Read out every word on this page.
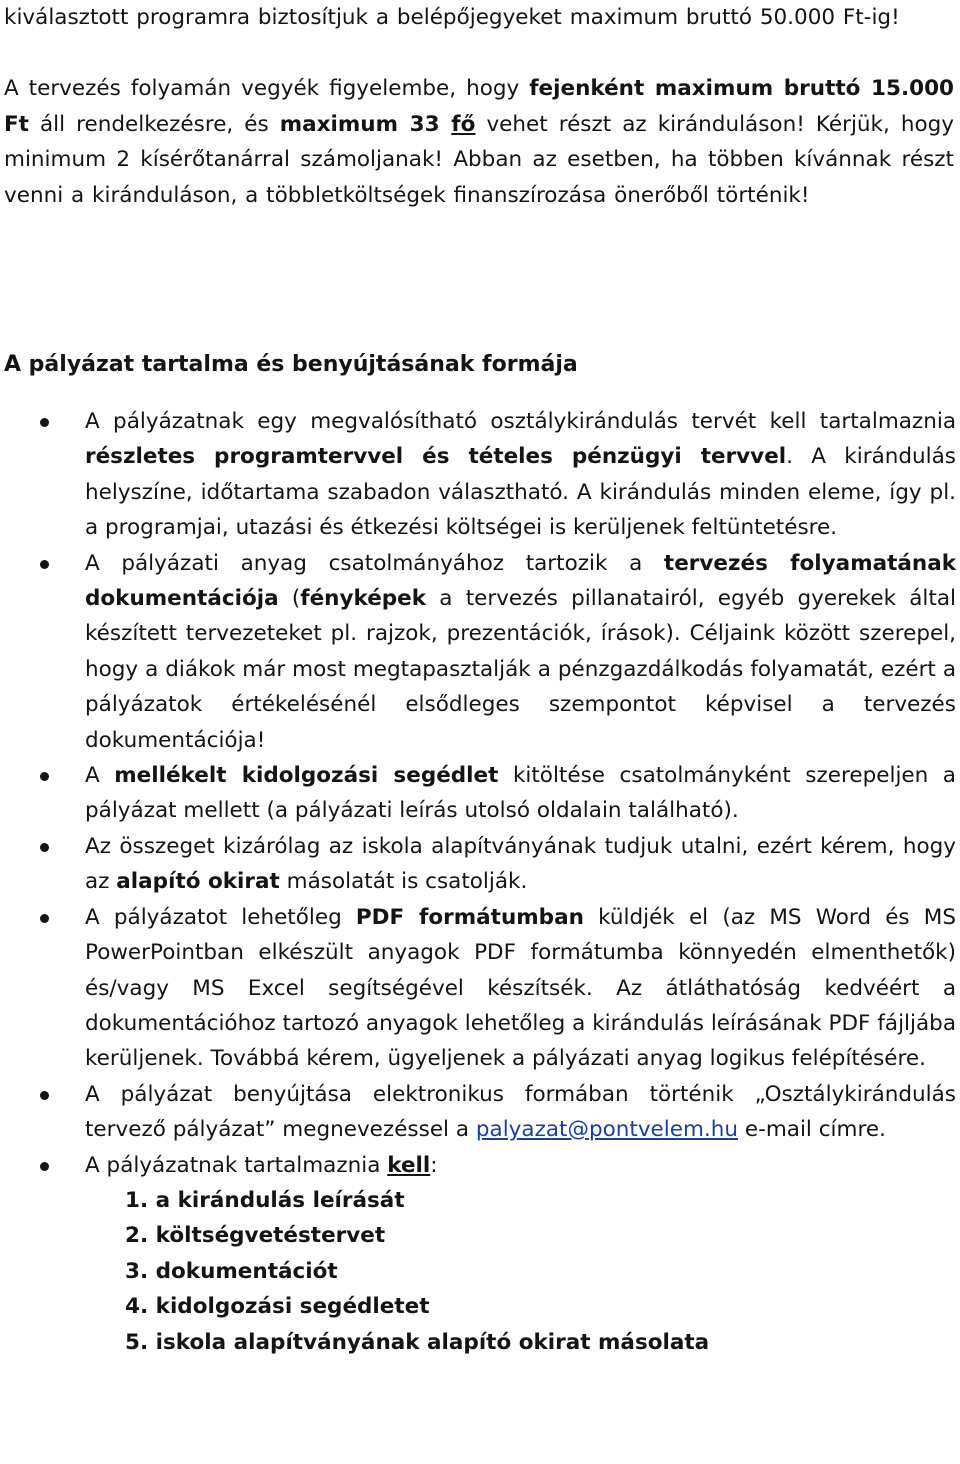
kiválasztott programra biztosítjuk a belépőjegyeket maximum bruttó 50.000 Ft-ig!
A tervezés folyamán vegyék figyelembe, hogy fejenként maximum bruttó 15.000 Ft áll rendelkezésre, és maximum 33 fő vehet részt az kiránduláson! Kérjük, hogy minimum 2 kísérőtanárral számoljanak! Abban az esetben, ha többen kívánnak részt venni a kiránduláson, a többletköltségek finanszírozása önerőből történik!
A pályázat tartalma és benyújtásának formája
A pályázatnak egy megvalósítható osztálykirándulás tervét kell tartalmaznia részletes programtervvel és tételes pénzügyi tervvel. A kirándulás helyszíne, időtartama szabadon választható. A kirándulás minden eleme, így pl. a programjai, utazási és étkezési költségei is kerüljenek feltüntetésre.
A pályázati anyag csatolmányához tartozik a tervezés folyamatának dokumentációja (fényképek a tervezés pillanatairól, egyéb gyerekek által készített tervezeteket pl. rajzok, prezentációk, írások). Céljaink között szerepel, hogy a diákok már most megtapasztalják a pénzgazdálkodás folyamatát, ezért a pályázatok értékelésénél elsődleges szempontot képvisel a tervezés dokumentációja!
A mellékelt kidolgozási segédlet kitöltése csatolmányként szerepeljen a pályázat mellett (a pályázati leírás utolsó oldalain található).
Az összeget kizárólag az iskola alapítványának tudjuk utalni, ezért kérem, hogy az alapító okirat másolatát is csatolják.
A pályázatot lehetőleg PDF formátumban küldjék el (az MS Word és MS PowerPointban elkészült anyagok PDF formátumba könnyedén elmenthetők) és/vagy MS Excel segítségével készítsék. Az átláthatóság kedvéért a dokumentációhoz tartozó anyagok lehetőleg a kirándulás leírásának PDF fájljába kerüljenek. Továbbá kérem, ügyeljenek a pályázati anyag logikus felépítésére.
A pályázat benyújtása elektronikus formában történik „Osztálykirándulás tervező pályázat” megnevezéssel a palyazat@pontvelem.hu e-mail címre.
A pályázatnak tartalmaznia kell:
1. a kirándulás leírását
2. költségvetéstervet
3. dokumentációt
4. kidolgozási segédletet
5. iskola alapítványának alapító okirat másolata
